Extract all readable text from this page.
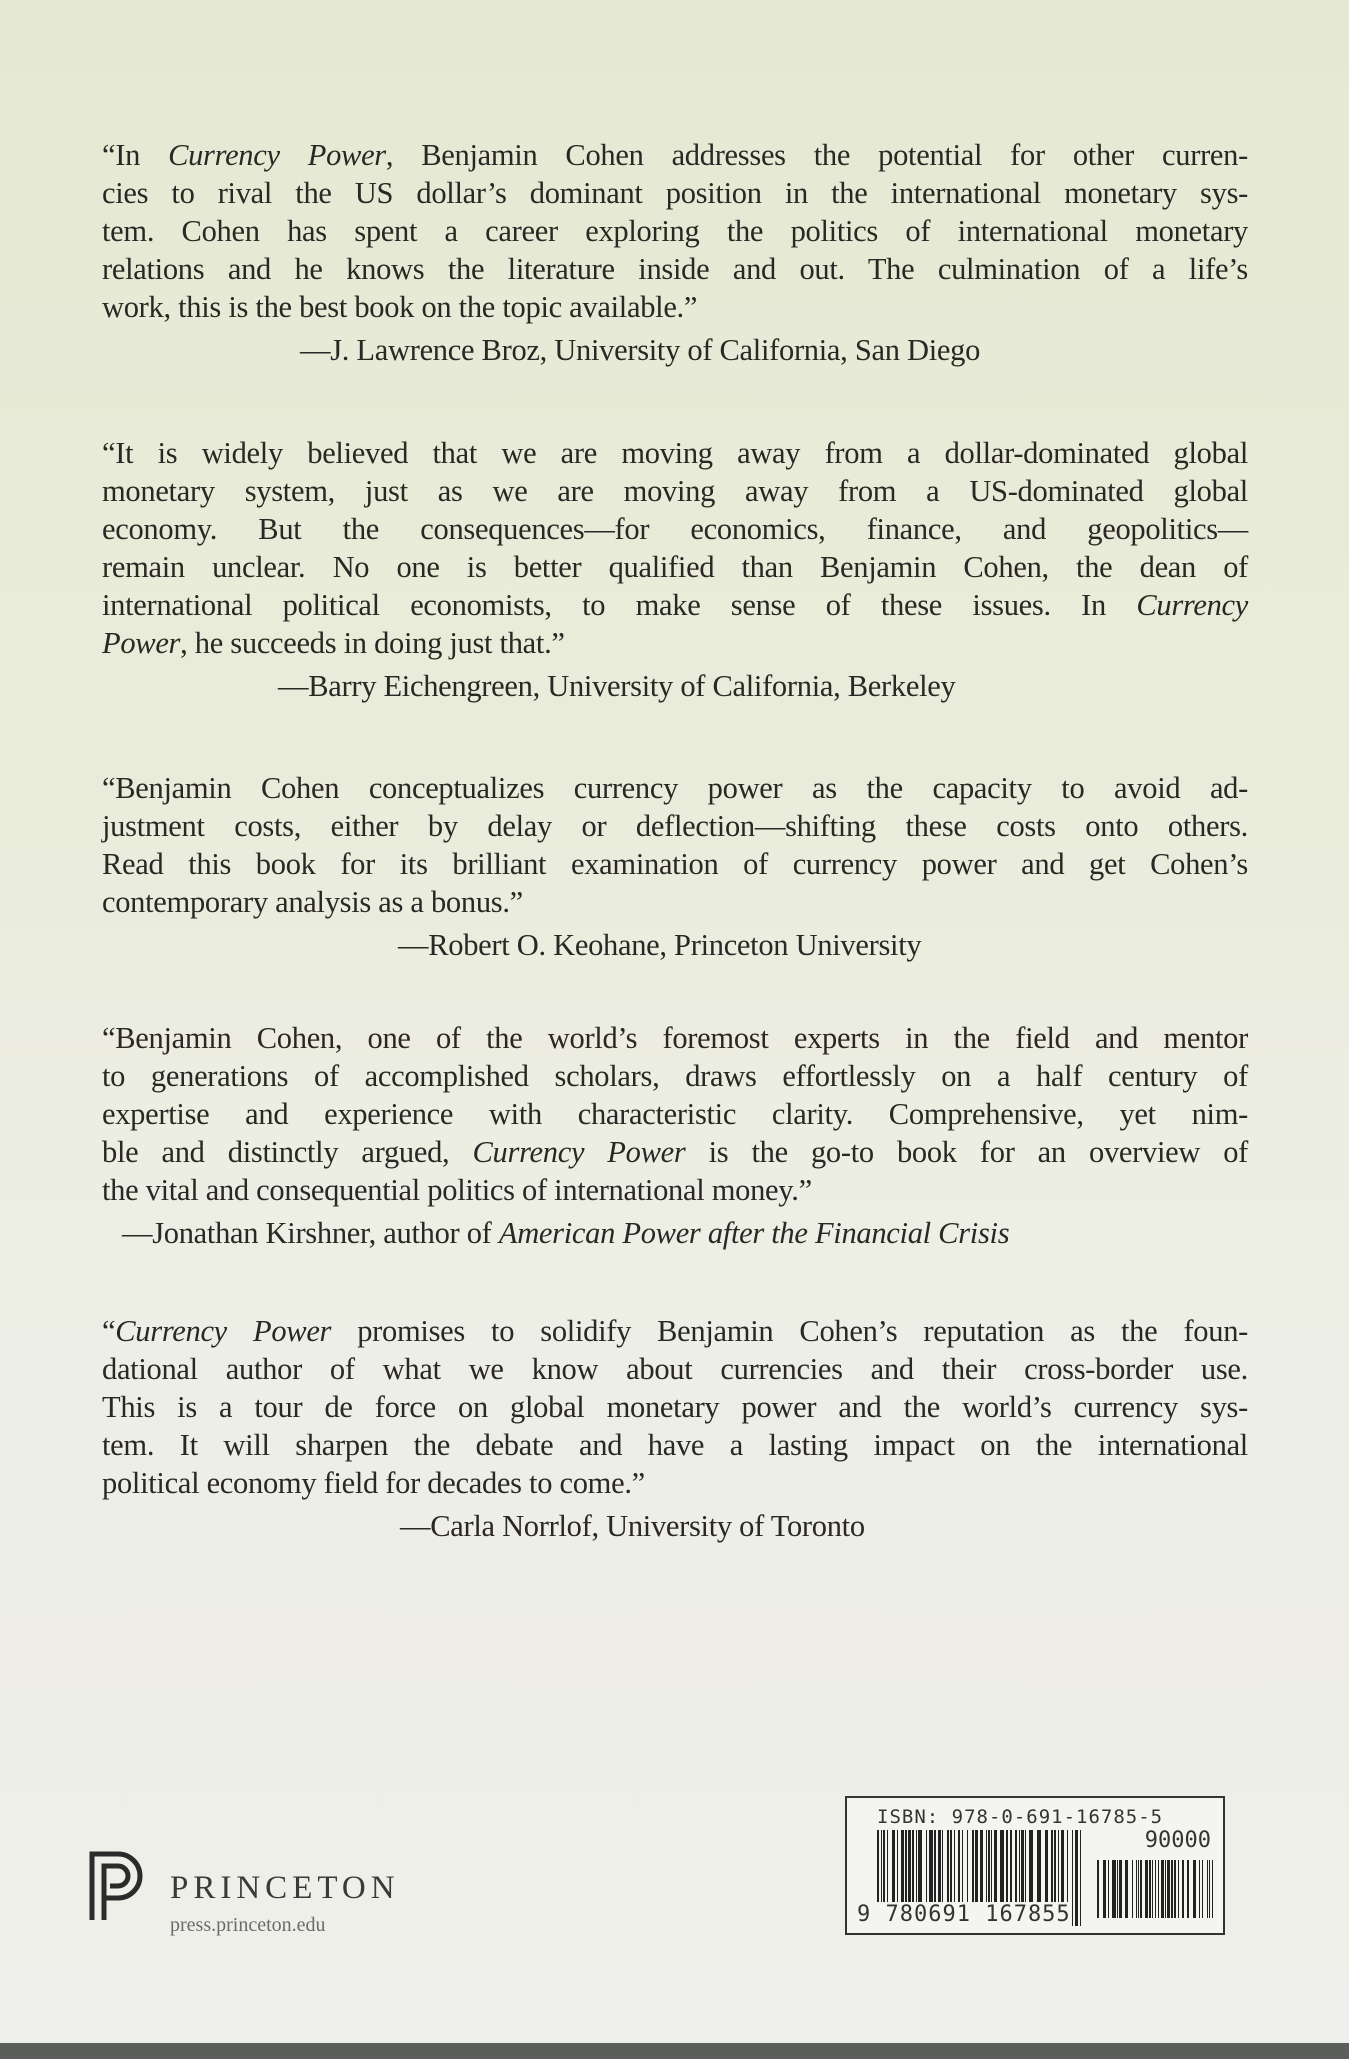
“In Currency Power, Benjamin Cohen addresses the potential for other curren-
cies to rival the US dollar’s dominant position in the international monetary sys-
tem. Cohen has spent a career exploring the politics of international monetary
relations and he knows the literature inside and out. The culmination of a life’s
work, this is the best book on the topic available.”
—J. Lawrence Broz, University of California, San Diego
“It is widely believed that we are moving away from a dollar-dominated global
monetary system, just as we are moving away from a US-dominated global
economy. But the consequences—for economics, finance, and geopolitics—
remain unclear. No one is better qualified than Benjamin Cohen, the dean of
international political economists, to make sense of these issues. In Currency
Power, he succeeds in doing just that.”
—Barry Eichengreen, University of California, Berkeley
“Benjamin Cohen conceptualizes currency power as the capacity to avoid ad-
justment costs, either by delay or deflection—shifting these costs onto others.
Read this book for its brilliant examination of currency power and get Cohen’s
contemporary analysis as a bonus.”
—Robert O. Keohane, Princeton University
“Benjamin Cohen, one of the world’s foremost experts in the field and mentor
to generations of accomplished scholars, draws effortlessly on a half century of
expertise and experience with characteristic clarity. Comprehensive, yet nim-
ble and distinctly argued, Currency Power is the go-to book for an overview of
the vital and consequential politics of international money.”
—Jonathan Kirshner, author of American Power after the Financial Crisis
“Currency Power promises to solidify Benjamin Cohen’s reputation as the foun-
dational author of what we know about currencies and their cross-border use.
This is a tour de force on global monetary power and the world’s currency sys-
tem. It will sharpen the debate and have a lasting impact on the international
political economy field for decades to come.”
—Carla Norrlof, University of Toronto
PRINCETON
press.princeton.edu
ISBN: 978-0-691-16785-5
90000
9 780691 167855
